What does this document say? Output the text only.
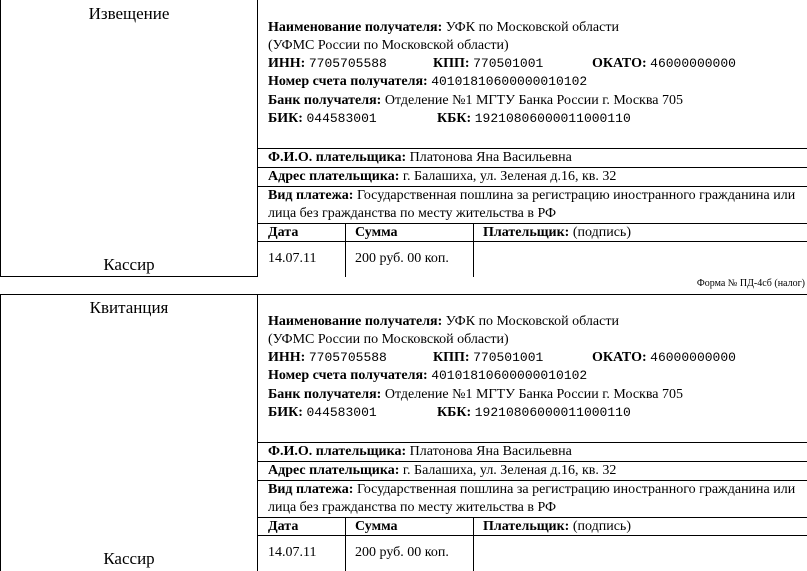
Извещение
Кассир
Наименование получателя: УФК по Московской области
(УФМС России по Московской области)
ИНН: 7705705588	КПП: 770501001	ОКАТО: 46000000000
Номер счета получателя: 40101810600000010102
Банк получателя: Отделение №1 МГТУ Банка России г. Москва 705
БИК: 044583001	КБК: 19210806000011000110
Ф.И.О. плательщика: Платонова Яна Васильевна
Адрес плательщика: г. Балашиха, ул. Зеленая д.16, кв. 32
Вид платежа: Государственная пошлина за регистрацию иностранного гражданина или
лица без гражданства по месту жительства в РФ
Дата	Сумма	Плательщик: (подпись)
14.07.11	200 руб. 00 коп.
Форма № ПД-4сб (налог)
Квитанция
Кассир
Наименование получателя: УФК по Московской области
(УФМС России по Московской области)
ИНН: 7705705588	КПП: 770501001	ОКАТО: 46000000000
Номер счета получателя: 40101810600000010102
Банк получателя: Отделение №1 МГТУ Банка России г. Москва 705
БИК: 044583001	КБК: 19210806000011000110
Ф.И.О. плательщика: Платонова Яна Васильевна
Адрес плательщика: г. Балашиха, ул. Зеленая д.16, кв. 32
Вид платежа: Государственная пошлина за регистрацию иностранного гражданина или
лица без гражданства по месту жительства в РФ
Дата	Сумма	Плательщик: (подпись)
14.07.11	200 руб. 00 коп.
